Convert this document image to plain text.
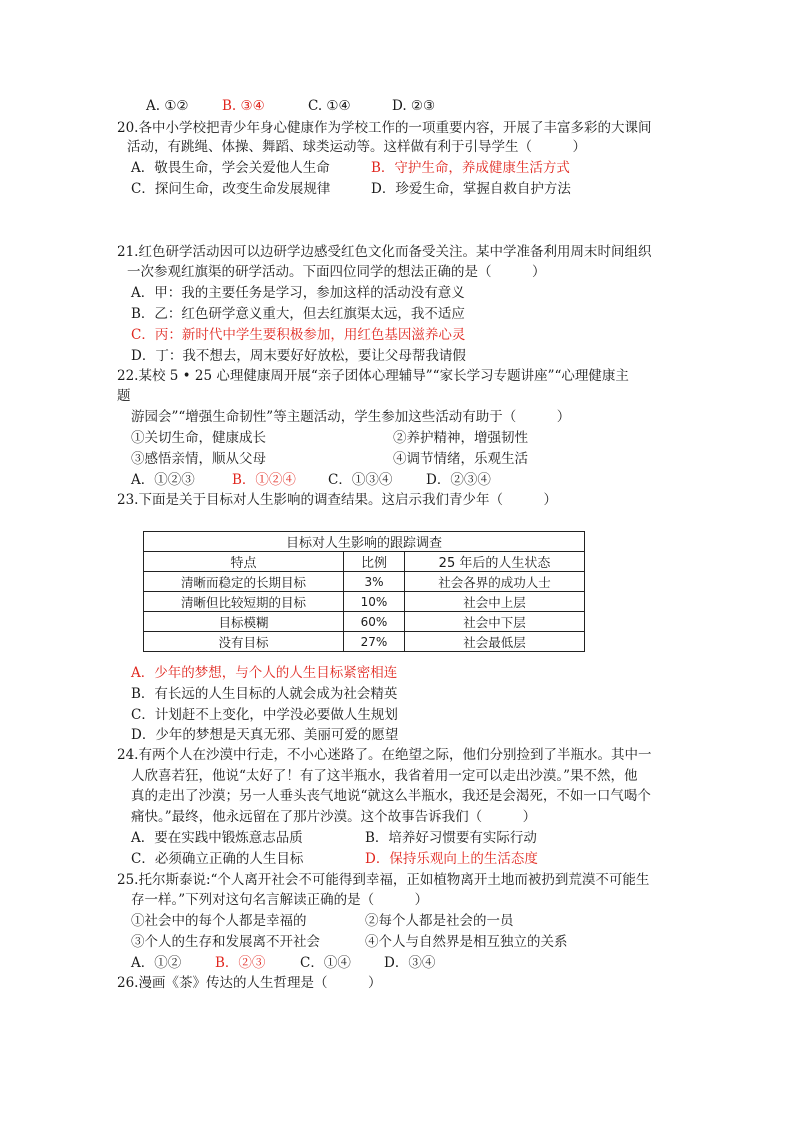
A. ①② B. ③④	C. ①④	D. ②③
20.各中小学校把青少年身心健康作为学校工作的一项重要内容，开展了丰富多彩的大课间
活动，有跳绳、体操、舞蹈、球类运动等。这样做有利于引导学生（　　　）
A．敬畏生命，学会关爱他人生命	B．守护生命，养成健康生活方式
C．探问生命，改变生命发展规律	D．珍爱生命，掌握自救自护方法
21.红色研学活动因可以边研学边感受红色文化而备受关注。某中学准备利用周末时间组织
一次参观红旗渠的研学活动。下面四位同学的想法正确的是（　　　）
A．甲：我的主要任务是学习，参加这样的活动没有意义
B．乙：红色研学意义重大，但去红旗渠太远，我不适应
C．丙：新时代中学生要积极参加，用红色基因滋养心灵
D．丁：我不想去，周末要好好放松，要让父母帮我请假
22.某校 5 • 25 心理健康周开展“亲子团体心理辅导”“家长学习专题讲座”“心理健康主
题
游园会”“增强生命韧性”等主题活动，学生参加这些活动有助于（　　　）
①关切生命，健康成长	②养护精神，增强韧性
③感悟亲情，顺从父母	④调节情绪，乐观生活
A．①②③	B．①②④ C．①③④ D．②③④
23.下面是关于目标对人生影响的调查结果。这启示我们青少年（　　　）
目标对人生影响的跟踪调查		
特点	比例	25 年后的人生状态
清晰而稳定的长期目标	3%	社会各界的成功人士
清晰但比较短期的目标	10%	社会中上层
目标模糊	60%	社会中下层
没有目标	27%	社会最低层
A．少年的梦想，与个人的人生目标紧密相连
B．有长远的人生目标的人就会成为社会精英
C．计划赶不上变化，中学没必要做人生规划
D．少年的梦想是天真无邪、美丽可爱的愿望
24.有两个人在沙漠中行走，不小心迷路了。在绝望之际，他们分别捡到了半瓶水。其中一
人欣喜若狂，他说“太好了！有了这半瓶水，我省着用一定可以走出沙漠。”果不然，他
真的走出了沙漠；另一人垂头丧气地说“就这么半瓶水，我还是会渴死，不如一口气喝个
痛快。”最终，他永远留在了那片沙漠。这个故事告诉我们（　　　）
A．要在实践中锻炼意志品质	B．培养好习惯要有实际行动
C．必须确立正确的人生目标	D．保持乐观向上的生活态度
25.托尔斯泰说:“个人离开社会不可能得到幸福，正如植物离开土地而被扔到荒漠不可能生
存一样。”下列对这句名言解读正确的是（　　　）
①社会中的每个人都是幸福的	②每个人都是社会的一员
③个人的生存和发展离不开社会	④个人与自然界是相互独立的关系
A．①②	B．②③	C．①④ D．③④
26.漫画《茶》传达的人生哲理是（　　　）
